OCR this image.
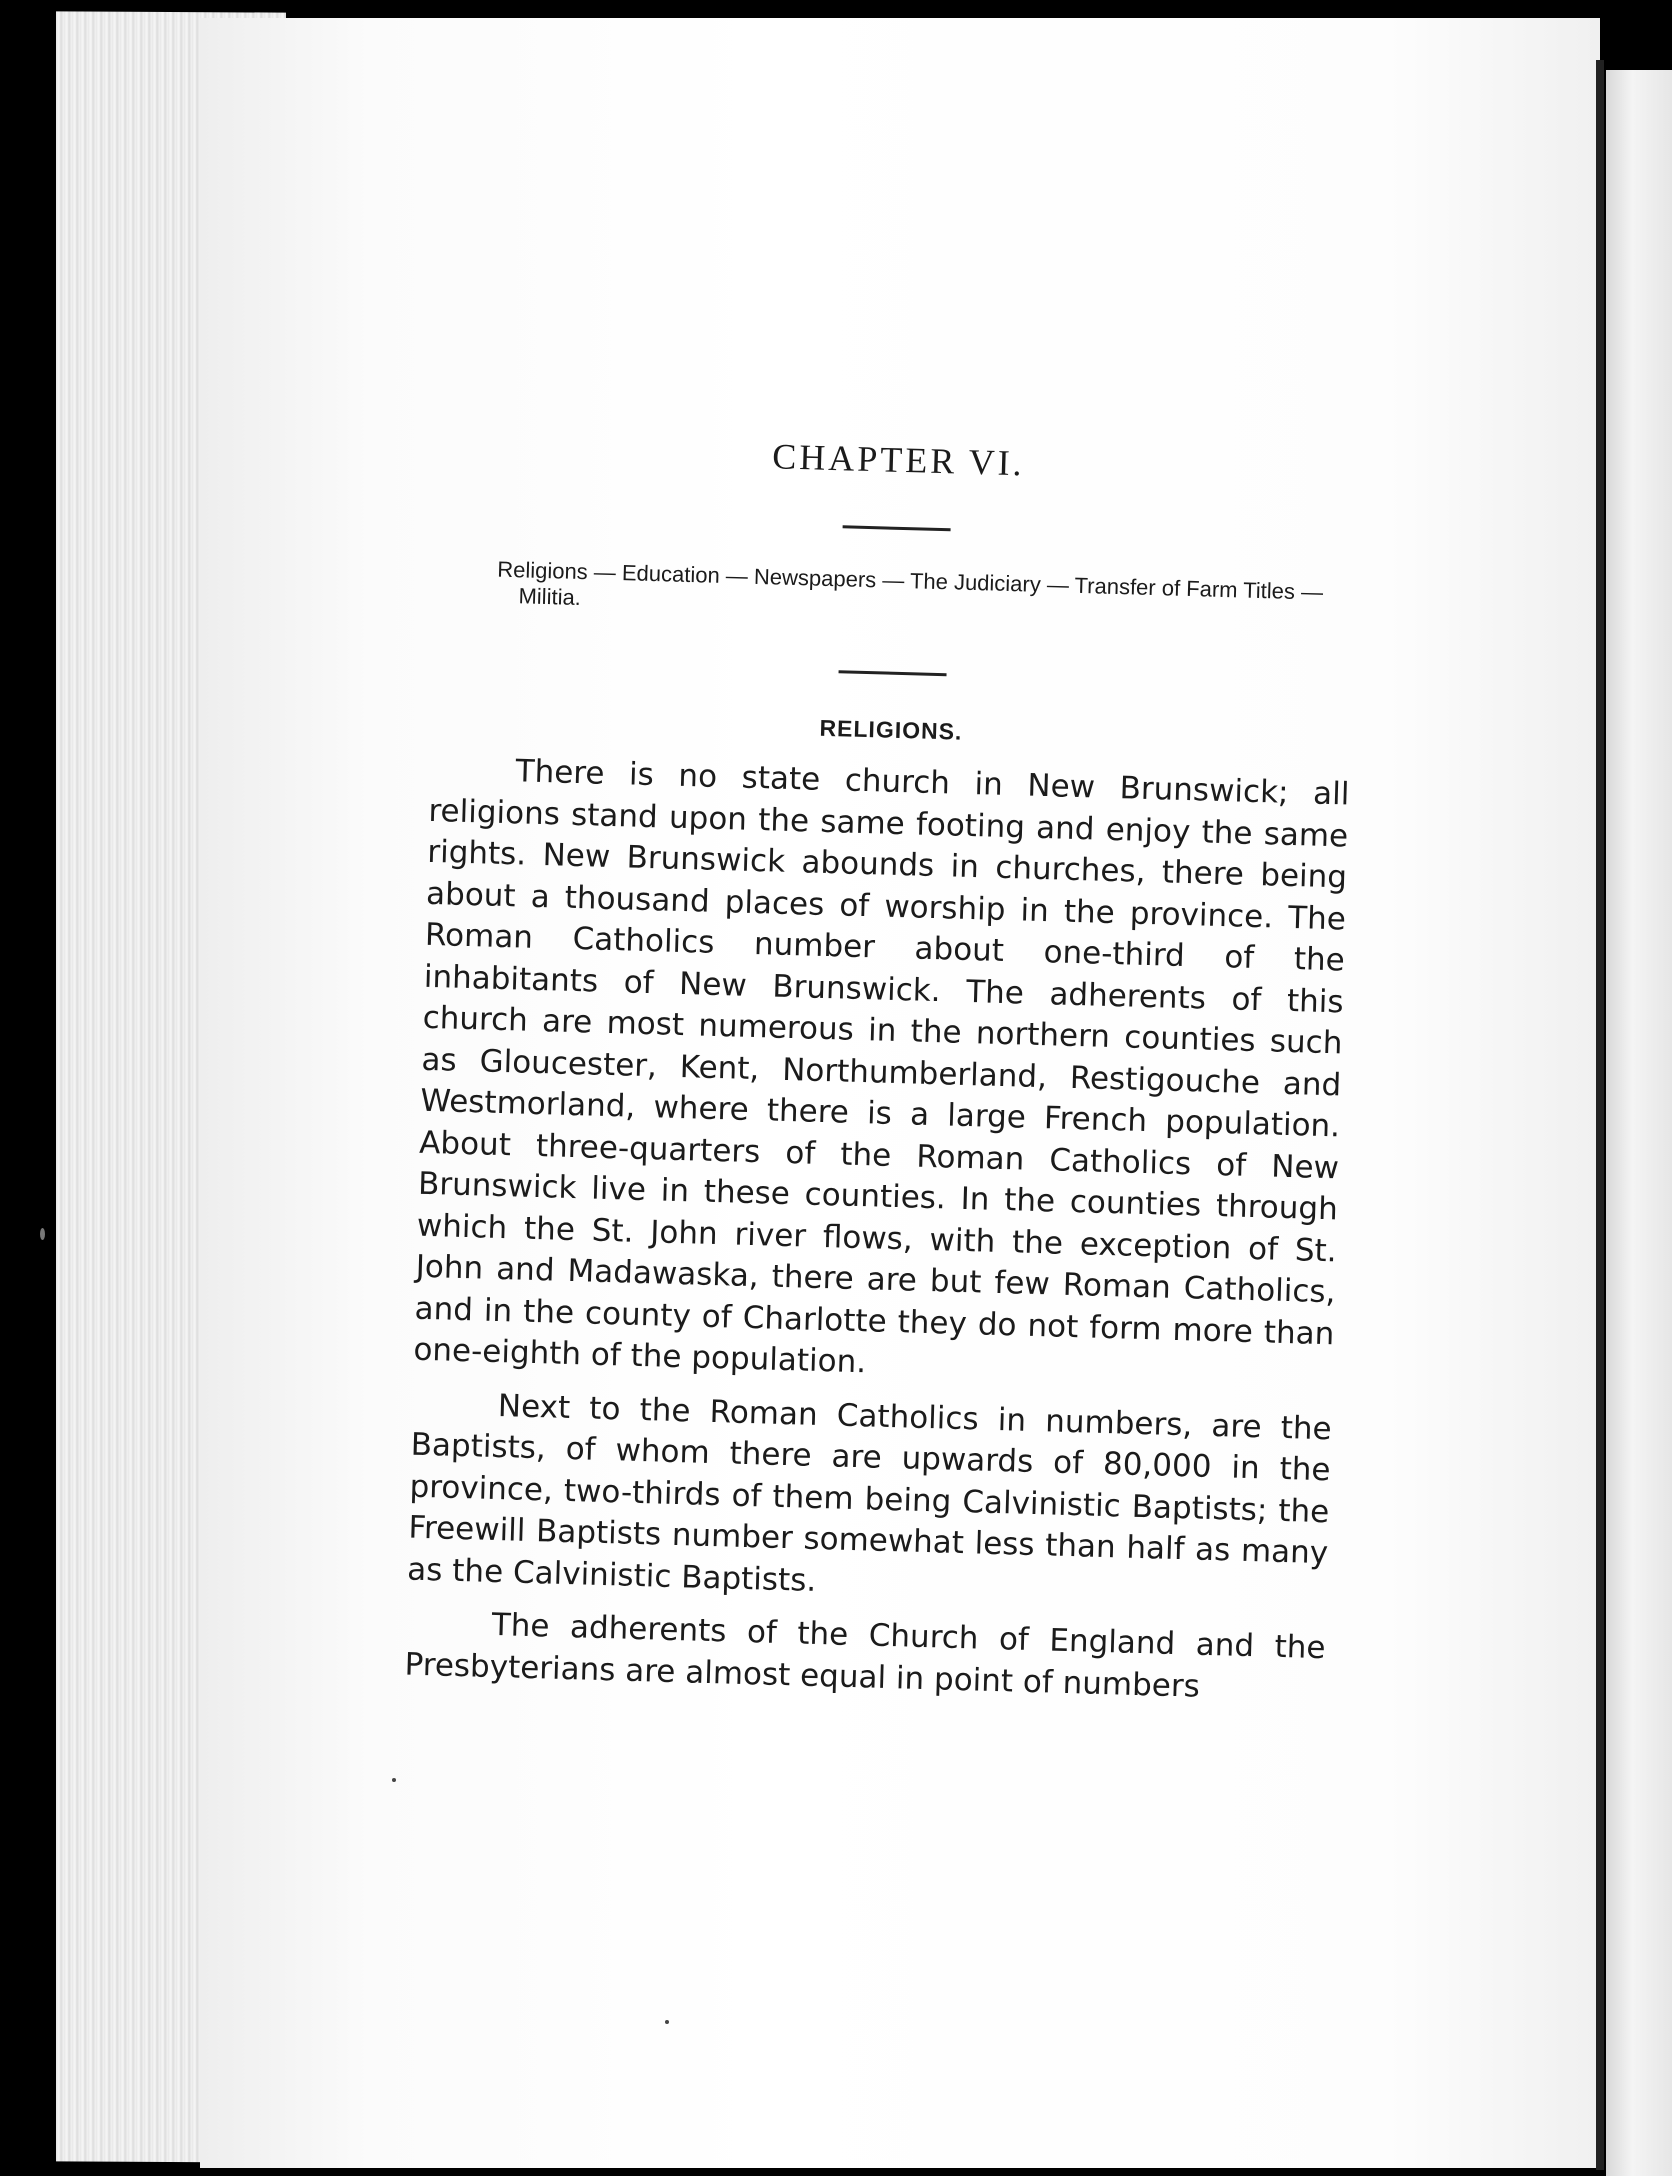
CHAPTER VI.
Religions — Education — Newspapers — The Judiciary — Transfer of Farm Titles — Militia.
RELIGIONS.

There is no state church in New Brunswick; all religions stand upon the same footing and enjoy the same rights. New Brunswick abounds in churches, there being about a thousand places of worship in the province. The Roman Catholics number about one-third of the inhabitants of New Brunswick. The adherents of this church are most numerous in the northern counties such as Gloucester, Kent, Northumberland, Restigouche and Westmorland, where there is a large French population. About three-quarters of the Roman Catholics of New Brunswick live in these counties. In the counties through which the St. John river flows, with the exception of St. John and Madawaska, there are but few Roman Catholics, and in the county of Charlotte they do not form more than one-eighth of the population.

Next to the Roman Catholics in numbers, are the Baptists, of whom there are upwards of 80,000 in the province, two-thirds of them being Calvinistic Baptists; the Freewill Baptists number somewhat less than half as many as the Calvinistic Baptists.

The adherents of the Church of England and the Presbyterians are almost equal in point of numbers
